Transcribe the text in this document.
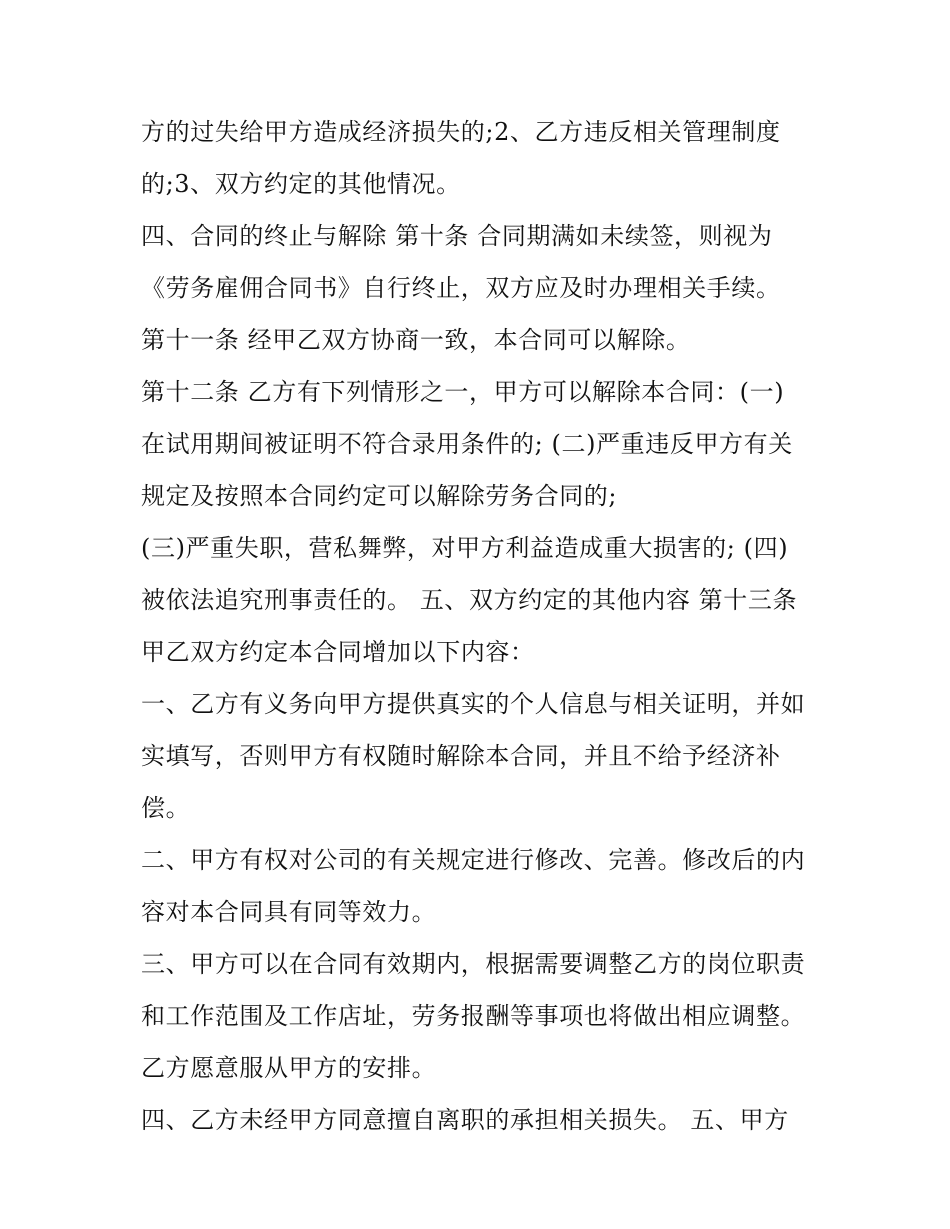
方的过失给甲方造成经济损失的;2、乙方违反相关管理制度
的;3、双方约定的其他情况。
四、合同的终止与解除 第十条 合同期满如未续签，则视为
《劳务雇佣合同书》自行终止，双方应及时办理相关手续。
第十一条 经甲乙双方协商一致，本合同可以解除。
第十二条 乙方有下列情形之一，甲方可以解除本合同：(一)
在试用期间被证明不符合录用条件的; (二)严重违反甲方有关
规定及按照本合同约定可以解除劳务合同的;
(三)严重失职，营私舞弊，对甲方利益造成重大损害的; (四)
被依法追究刑事责任的。 五、双方约定的其他内容 第十三条
甲乙双方约定本合同增加以下内容：
一、乙方有义务向甲方提供真实的个人信息与相关证明，并如
实填写，否则甲方有权随时解除本合同，并且不给予经济补
偿。
二、甲方有权对公司的有关规定进行修改、完善。修改后的内
容对本合同具有同等效力。
三、甲方可以在合同有效期内，根据需要调整乙方的岗位职责
和工作范围及工作店址，劳务报酬等事项也将做出相应调整。
乙方愿意服从甲方的安排。
四、乙方未经甲方同意擅自离职的承担相关损失。 五、甲方
